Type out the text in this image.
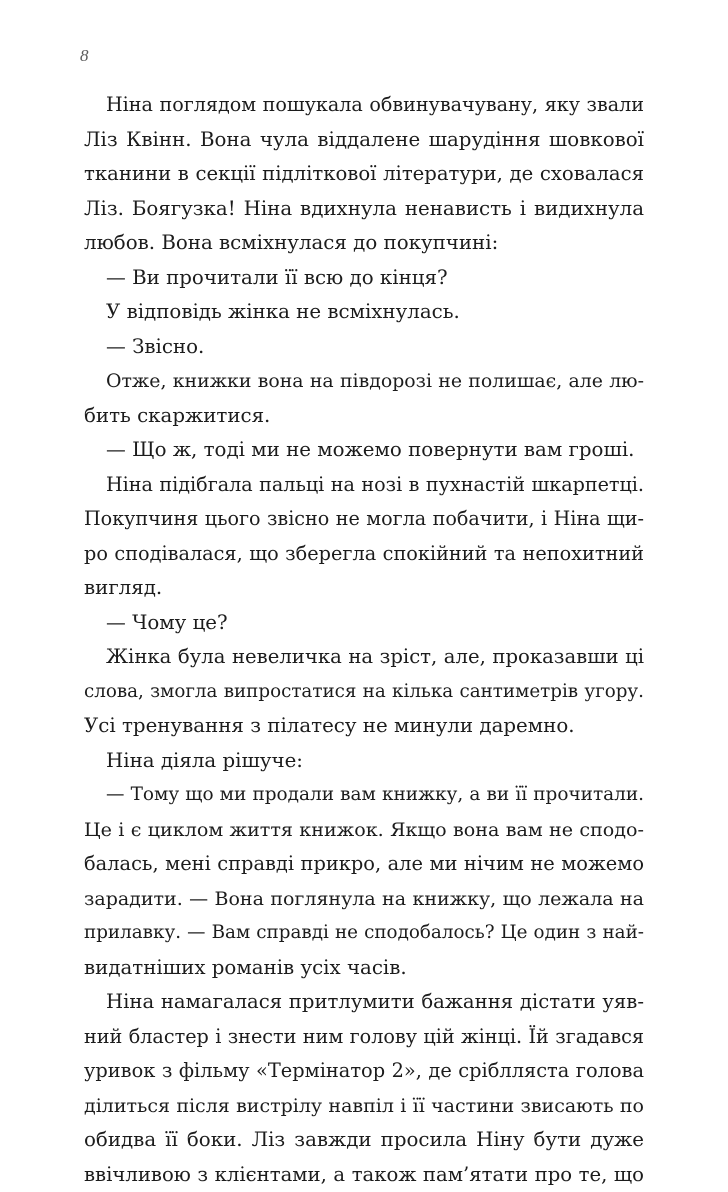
8
Ніна поглядом пошукала обвинувачувану, яку звали
Ліз Квінн. Вона чула віддалене шарудіння шовкової
тканини в секції підліткової літератури, де сховалася
Ліз. Боягузка! Ніна вдихнула ненависть і видихнула
любов. Вона всміхнулася до покупчині:
— Ви прочитали її всю до кінця?
У відповідь жінка не всміхнулась.
— Звісно.
Отже, книжки вона на півдорозі не полишає, але лю-
бить скаржитися.
— Що ж, тоді ми не можемо повернути вам гроші.
Ніна підібгала пальці на нозі в пухнастій шкарпетці.
Покупчиня цього звісно не могла побачити, і Ніна щи-
ро сподівалася, що зберегла спокійний та непохитний
вигляд.
— Чому це?
Жінка була невеличка на зріст, але, проказавши ці
слова, змогла випростатися на кілька сантиметрів угору.
Усі тренування з пілатесу не минули даремно.
Ніна діяла рішуче:
— Тому що ми продали вам книжку, а ви її прочитали.
Це і є циклом життя книжок. Якщо вона вам не сподо-
балась, мені справді прикро, але ми нічим не можемо
зарадити. — Вона поглянула на книжку, що лежала на
прилавку. — Вам справді не сподобалось? Це один з най-
видатніших романів усіх часів.
Ніна намагалася притлумити бажання дістати уяв-
ний бластер і знести ним голову цій жінці. Їй згадався
уривок з фільму «Термінатор 2», де сріблляста голова
ділиться після вистрілу навпіл і її частини звисають по
обидва її боки. Ліз завжди просила Ніну бути дуже
ввічливою з клієнтами, а також пам’ятати про те, що
